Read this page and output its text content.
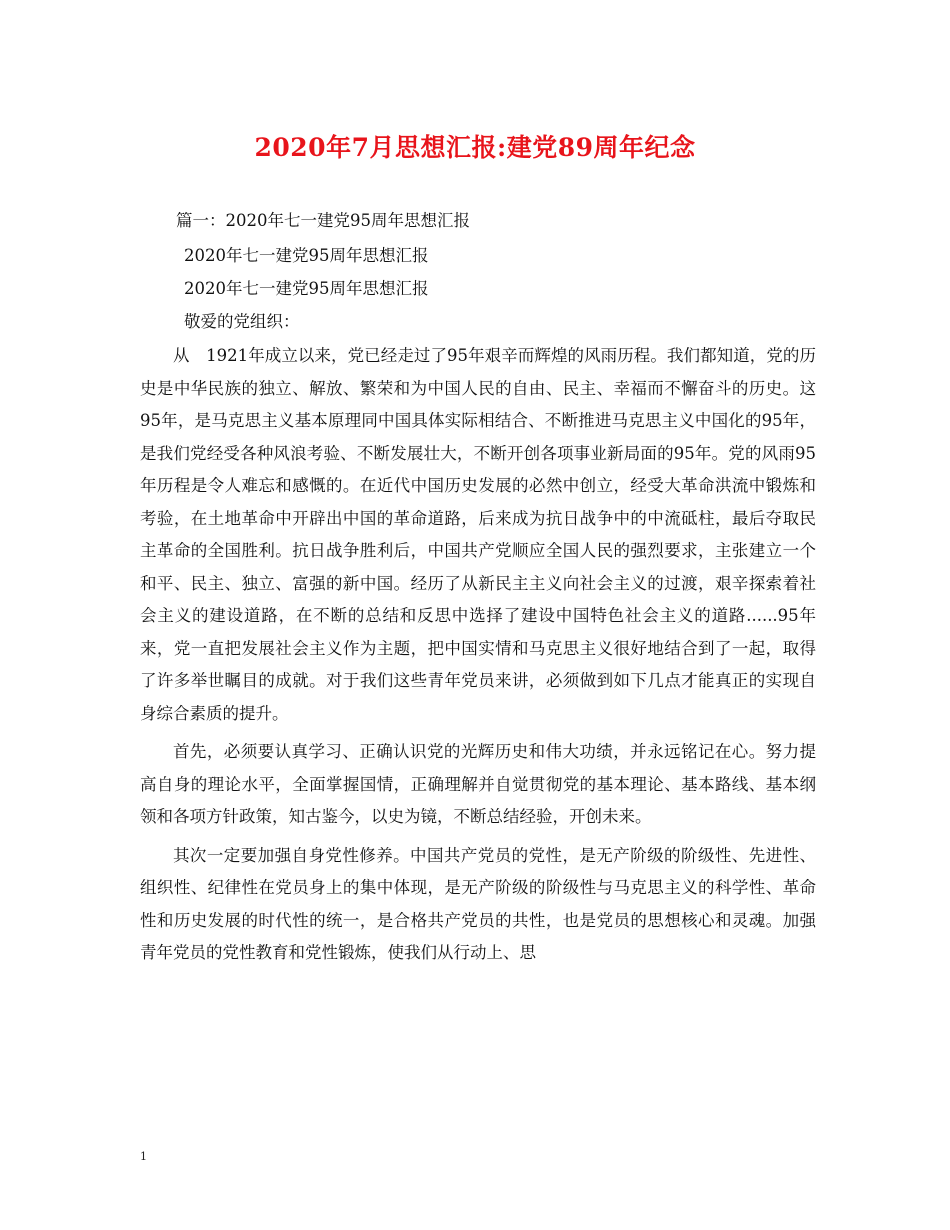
2020年7月思想汇报:建党89周年纪念

篇一：2020年七一建党95周年思想汇报

2020年七一建党95周年思想汇报

2020年七一建党95周年思想汇报

敬爱的党组织：

从　1921年成立以来，党已经走过了95年艰辛而辉煌的风雨历程。我们都知道，党的历史是中华民族的独立、解放、繁荣和为中国人民的自由、民主、幸福而不懈奋斗的历史。这95年，是马克思主义基本原理同中国具体实际相结合、不断推进马克思主义中国化的95年，是我们党经受各种风浪考验、不断发展壮大，不断开创各项事业新局面的95年。党的风雨95年历程是令人难忘和感慨的。在近代中国历史发展的必然中创立，经受大革命洪流中锻炼和考验，在土地革命中开辟出中国的革命道路，后来成为抗日战争中的中流砥柱，最后夺取民主革命的全国胜利。抗日战争胜利后，中国共产党顺应全国人民的强烈要求，主张建立一个和平、民主、独立、富强的新中国。经历了从新民主主义向社会主义的过渡，艰辛探索着社会主义的建设道路，在不断的总结和反思中选择了建设中国特色社会主义的道路......95年来，党一直把发展社会主义作为主题，把中国实情和马克思主义很好地结合到了一起，取得了许多举世瞩目的成就。对于我们这些青年党员来讲，必须做到如下几点才能真正的实现自身综合素质的提升。

首先，必须要认真学习、正确认识党的光辉历史和伟大功绩，并永远铭记在心。努力提高自身的理论水平，全面掌握国情，正确理解并自觉贯彻党的基本理论、基本路线、基本纲领和各项方针政策，知古鉴今，以史为镜，不断总结经验，开创未来。

其次一定要加强自身党性修养。中国共产党员的党性，是无产阶级的阶级性、先进性、组织性、纪律性在党员身上的集中体现，是无产阶级的阶级性与马克思主义的科学性、革命性和历史发展的时代性的统一，是合格共产党员的共性，也是党员的思想核心和灵魂。加强青年党员的党性教育和党性锻炼，使我们从行动上、思

1
